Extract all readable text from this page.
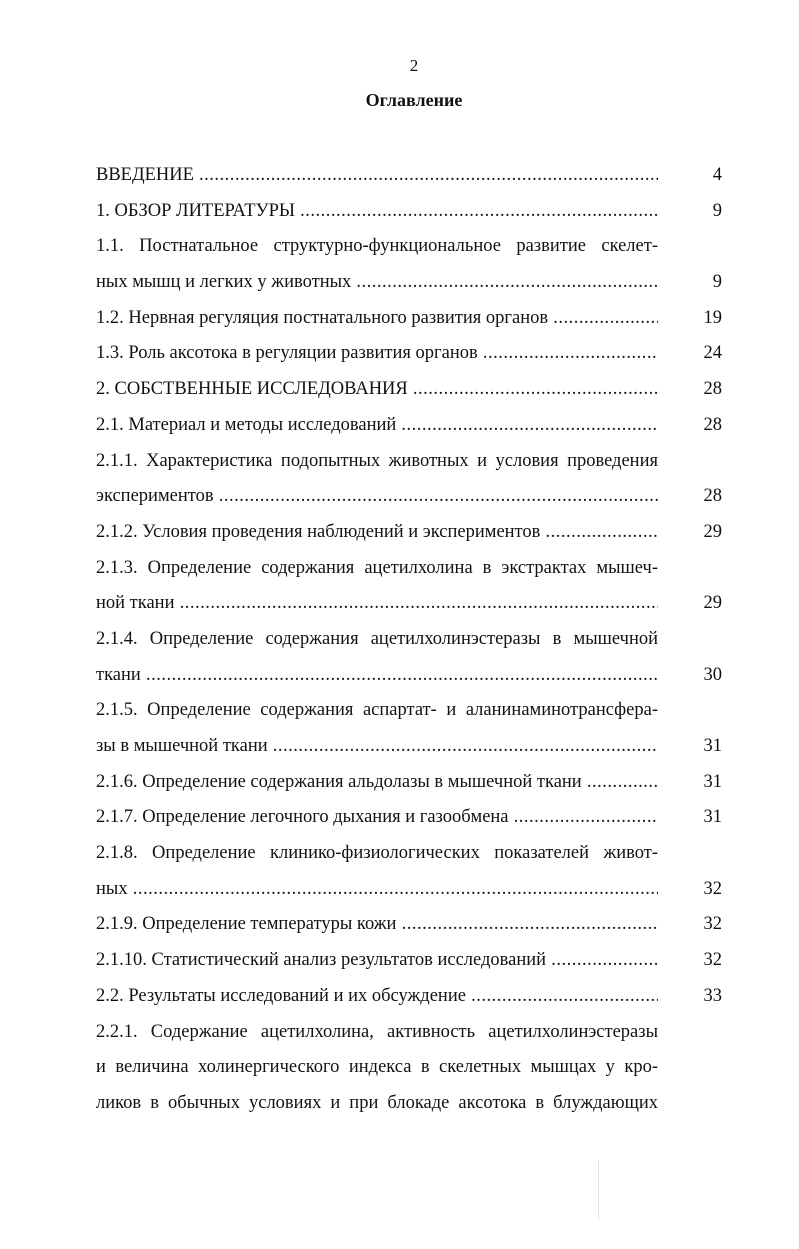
2
Оглавление
ВВЕДЕНИЕ .....	4
1. ОБЗОР ЛИТЕРАТУРЫ .....	9
1.1. Постнатальное структурно-функциональное развитие скелет-
ных мышц и легких у животных .....	9
1.2. Нервная регуляция постнатального развития органов .....	19
1.3. Роль аксотока в регуляции развития органов .....	24
2. СОБСТВЕННЫЕ ИССЛЕДОВАНИЯ .....	28
2.1. Материал и методы исследований .....	28
2.1.1. Характеристика подопытных животных и условия проведения
экспериментов .....	28
2.1.2. Условия проведения наблюдений и экспериментов .....	29
2.1.3. Определение содержания ацетилхолина в экстрактах мышеч-
ной ткани .....	29
2.1.4. Определение содержания ацетилхолинэстеразы в мышечной
ткани .....	30
2.1.5. Определение содержания аспартат- и аланинаминотрансфера-
зы в мышечной ткани .....	31
2.1.6. Определение содержания альдолазы в мышечной ткани .....	31
2.1.7. Определение легочного дыхания и газообмена .....	31
2.1.8. Определение клинико-физиологических показателей живот-
ных .....	32
2.1.9. Определение температуры кожи .....	32
2.1.10. Статистический анализ результатов исследований .....	32
2.2. Результаты исследований и их обсуждение .....	33
2.2.1. Содержание ацетилхолина, активность ацетилхолинэстеразы
и величина холинергического индекса в скелетных мышцах у кро-
ликов в обычных условиях и при блокаде аксотока в блуждающих
